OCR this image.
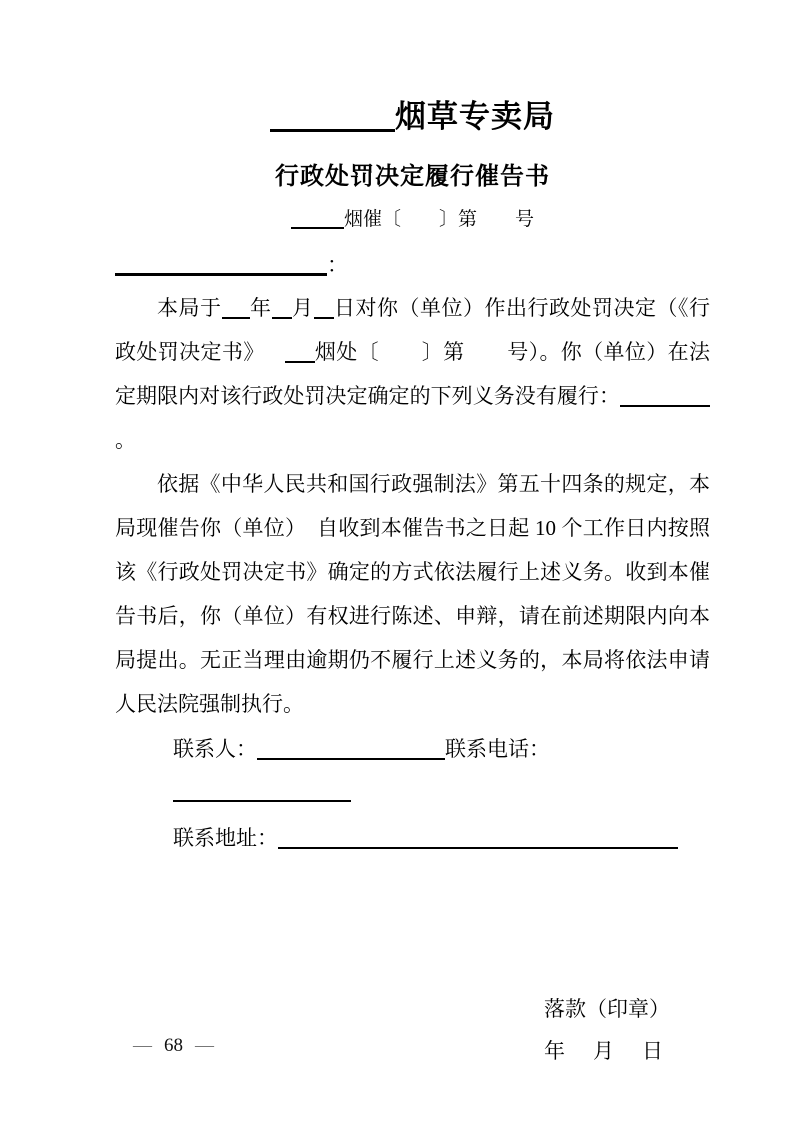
烟草专卖局
行政处罚决定履行催告书
烟催〔　　〕第　　号
：

本局于 年 月 日对你（单位）作出行政处罚决定（《行政处罚决定书》 烟处〔　　〕第　　号）。你（单位）在法定期限内对该行政处罚决定确定的下列义务没有履行：。

依据《中华人民共和国行政强制法》第五十四条的规定，本局现催告你（单位）　自收到本催告书之日起 10 个工作日内按照该《行政处罚决定书》确定的方式依法履行上述义务。收到本催告书后，你（单位）有权进行陈述、申辩，请在前述期限内向本局提出。无正当理由逾期仍不履行上述义务的，本局将依法申请人民法院强制执行。

联系人：	联系电话：
联系地址：
落款（印章）
年 月 日
— 68 —
